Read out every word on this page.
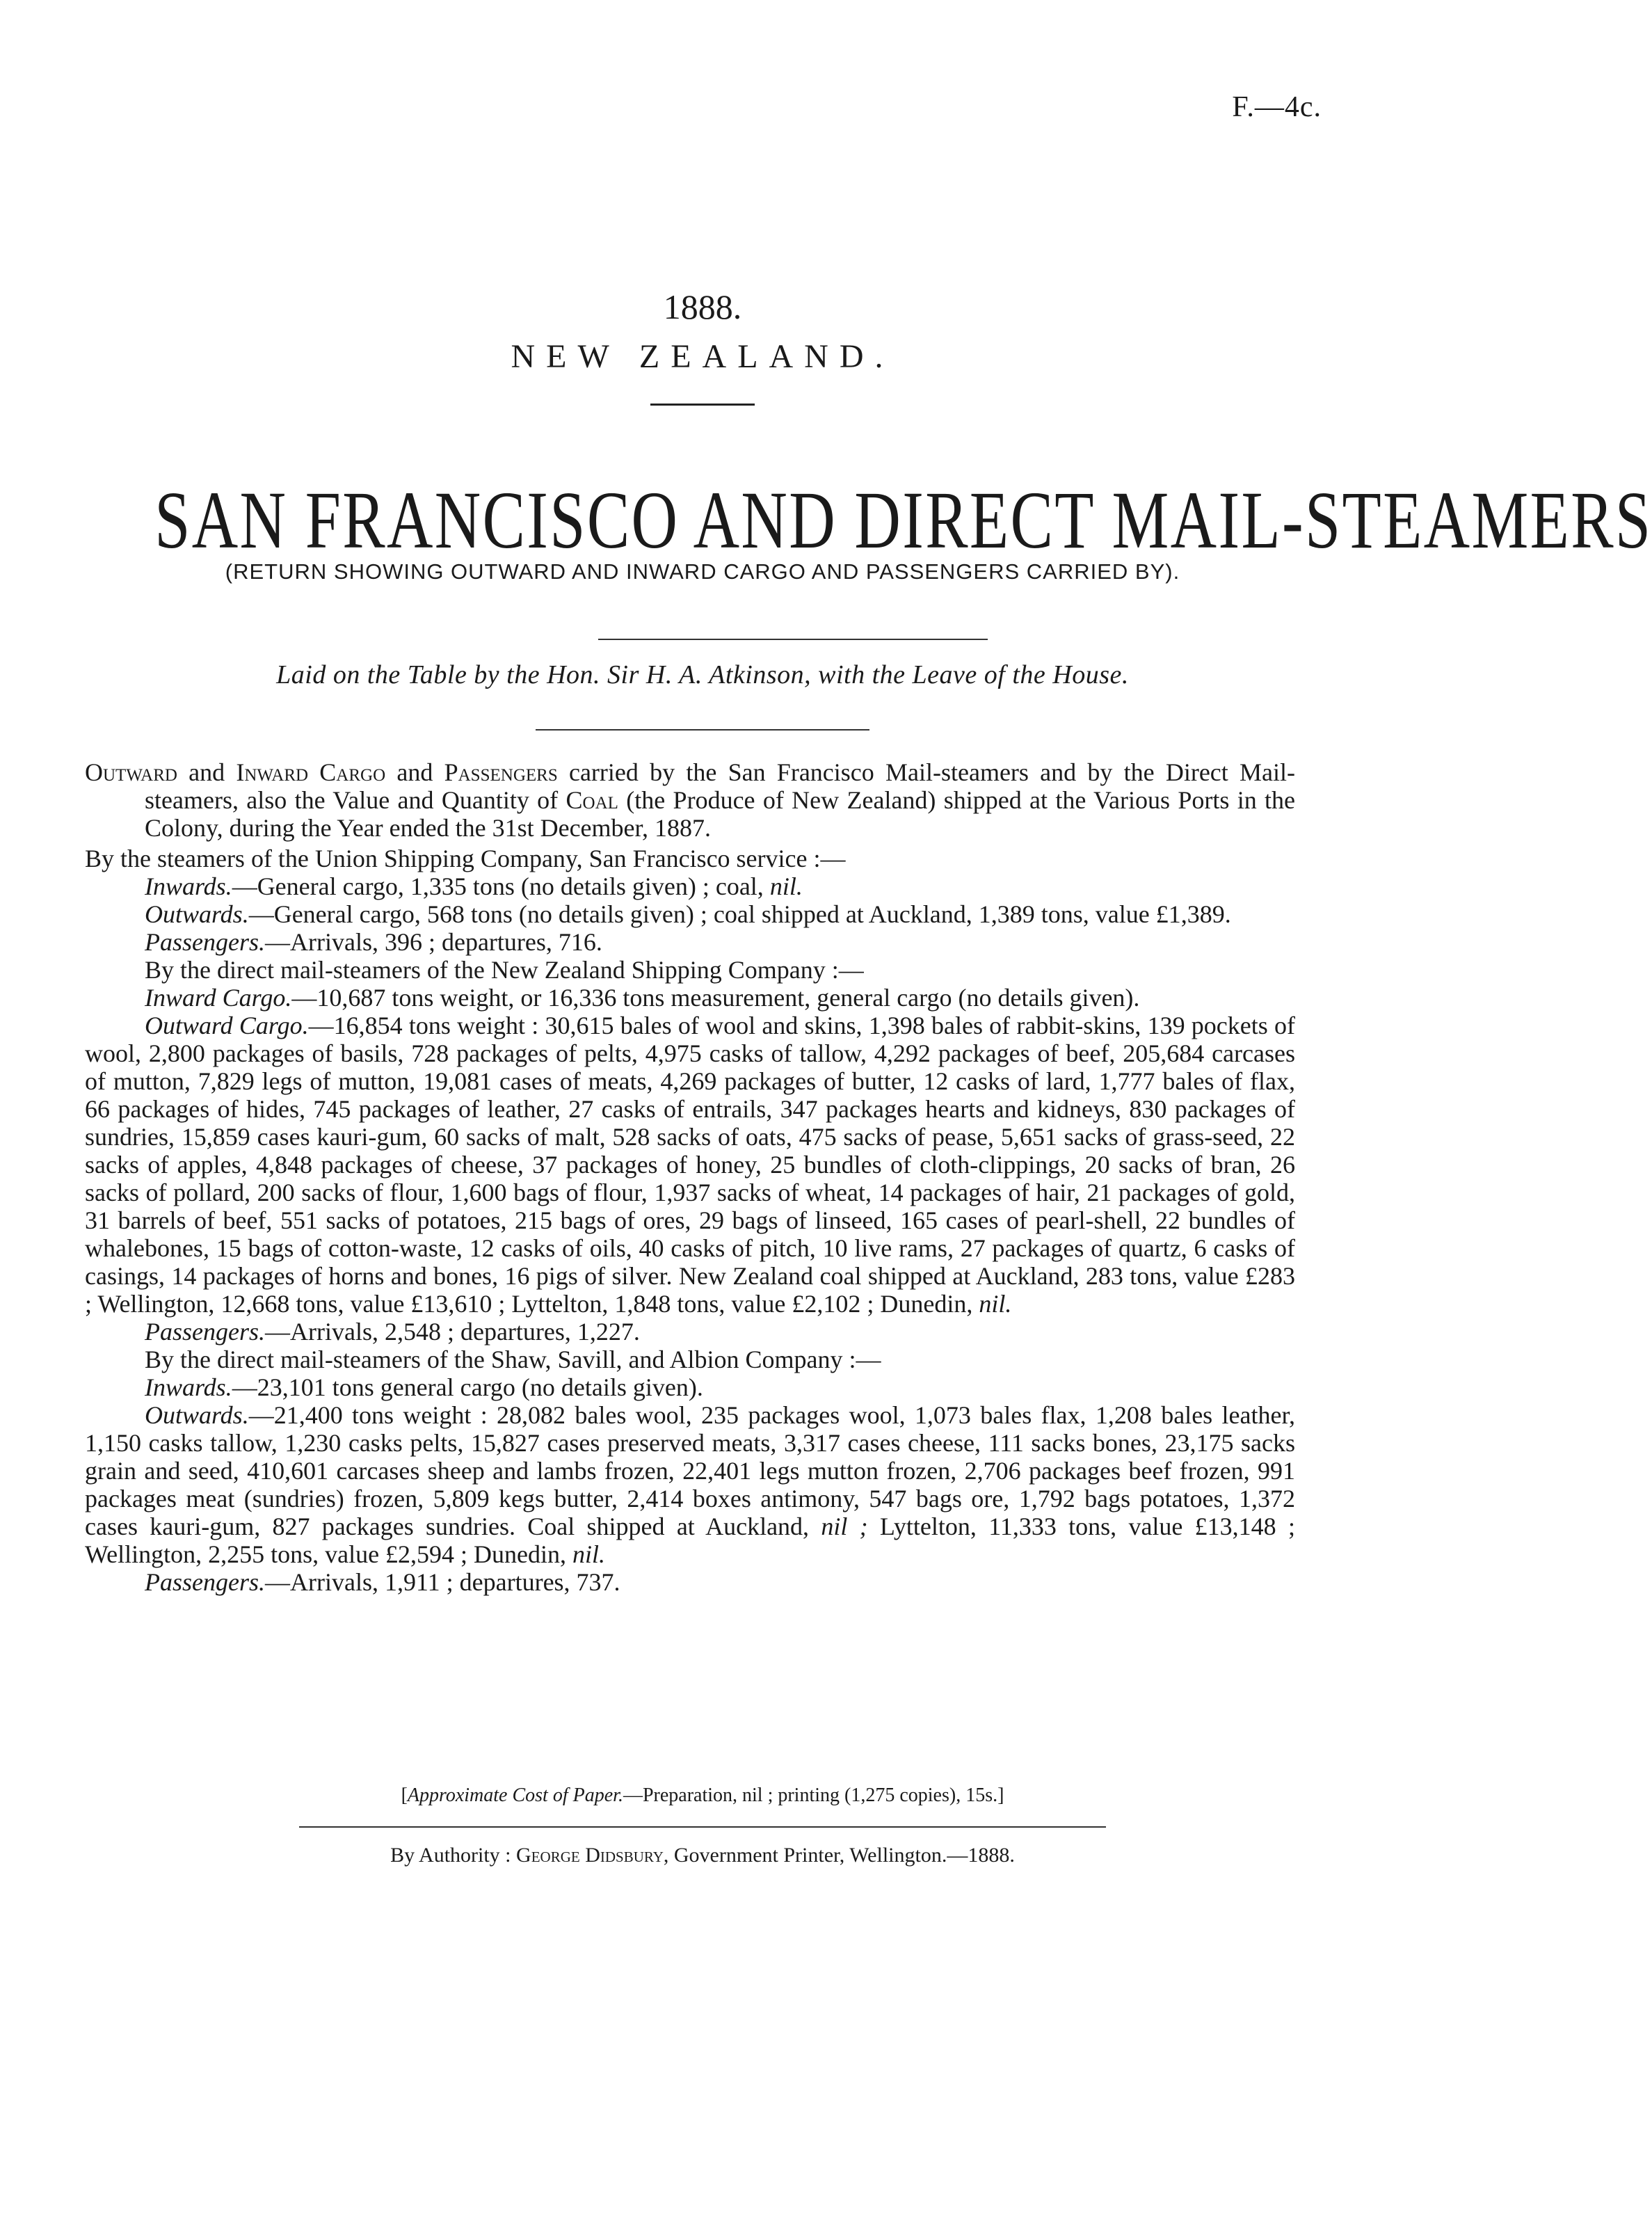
F.—4c.
1888.
NEW ZEALAND.
SAN FRANCISCO AND DIRECT MAIL-STEAMERS
(RETURN SHOWING OUTWARD AND INWARD CARGO AND PASSENGERS CARRIED BY).
Laid on the Table by the Hon. Sir H. A. Atkinson, with the Leave of the House.

Outward and Inward Cargo and Passengers carried by the San Francisco Mail-steamers and by the Direct Mail-steamers, also the Value and Quantity of Coal (the Produce of New Zealand) shipped at the Various Ports in the Colony, during the Year ended the 31st December, 1887.

By the steamers of the Union Shipping Company, San Francisco service :—

Inwards.—General cargo, 1,335 tons (no details given) ; coal, nil.

Outwards.—General cargo, 568 tons (no details given) ; coal shipped at Auckland, 1,389 tons, value £1,389.

Passengers.—Arrivals, 396 ; departures, 716.

By the direct mail-steamers of the New Zealand Shipping Company :—

Inward Cargo.—10,687 tons weight, or 16,336 tons measurement, general cargo (no details given).

Outward Cargo.—16,854 tons weight : 30,615 bales of wool and skins, 1,398 bales of rabbit-skins, 139 pockets of wool, 2,800 packages of basils, 728 packages of pelts, 4,975 casks of tallow, 4,292 packages of beef, 205,684 carcases of mutton, 7,829 legs of mutton, 19,081 cases of meats, 4,269 packages of butter, 12 casks of lard, 1,777 bales of flax, 66 packages of hides, 745 packages of leather, 27 casks of entrails, 347 packages hearts and kidneys, 830 packages of sundries, 15,859 cases kauri-gum, 60 sacks of malt, 528 sacks of oats, 475 sacks of pease, 5,651 sacks of grass-seed, 22 sacks of apples, 4,848 packages of cheese, 37 packages of honey, 25 bundles of cloth-clippings, 20 sacks of bran, 26 sacks of pollard, 200 sacks of flour, 1,600 bags of flour, 1,937 sacks of wheat, 14 packages of hair, 21 packages of gold, 31 barrels of beef, 551 sacks of potatoes, 215 bags of ores, 29 bags of linseed, 165 cases of pearl-shell, 22 bundles of whalebones, 15 bags of cotton-waste, 12 casks of oils, 40 casks of pitch, 10 live rams, 27 packages of quartz, 6 casks of casings, 14 packages of horns and bones, 16 pigs of silver. New Zealand coal shipped at Auckland, 283 tons, value £283 ; Wellington, 12,668 tons, value £13,610 ; Lyttelton, 1,848 tons, value £2,102 ; Dunedin, nil.

Passengers.—Arrivals, 2,548 ; departures, 1,227.

By the direct mail-steamers of the Shaw, Savill, and Albion Company :—

Inwards.—23,101 tons general cargo (no details given).

Outwards.—21,400 tons weight : 28,082 bales wool, 235 packages wool, 1,073 bales flax, 1,208 bales leather, 1,150 casks tallow, 1,230 casks pelts, 15,827 cases preserved meats, 3,317 cases cheese, 111 sacks bones, 23,175 sacks grain and seed, 410,601 carcases sheep and lambs frozen, 22,401 legs mutton frozen, 2,706 packages beef frozen, 991 packages meat (sundries) frozen, 5,809 kegs butter, 2,414 boxes antimony, 547 bags ore, 1,792 bags potatoes, 1,372 cases kauri-gum, 827 packages sundries. Coal shipped at Auckland, nil ; Lyttelton, 11,333 tons, value £13,148 ; Wellington, 2,255 tons, value £2,594 ; Dunedin, nil.

Passengers.—Arrivals, 1,911 ; departures, 737.

[Approximate Cost of Paper.—Preparation, nil ; printing (1,275 copies), 15s.]
By Authority : George Didsbury, Government Printer, Wellington.—1888.
